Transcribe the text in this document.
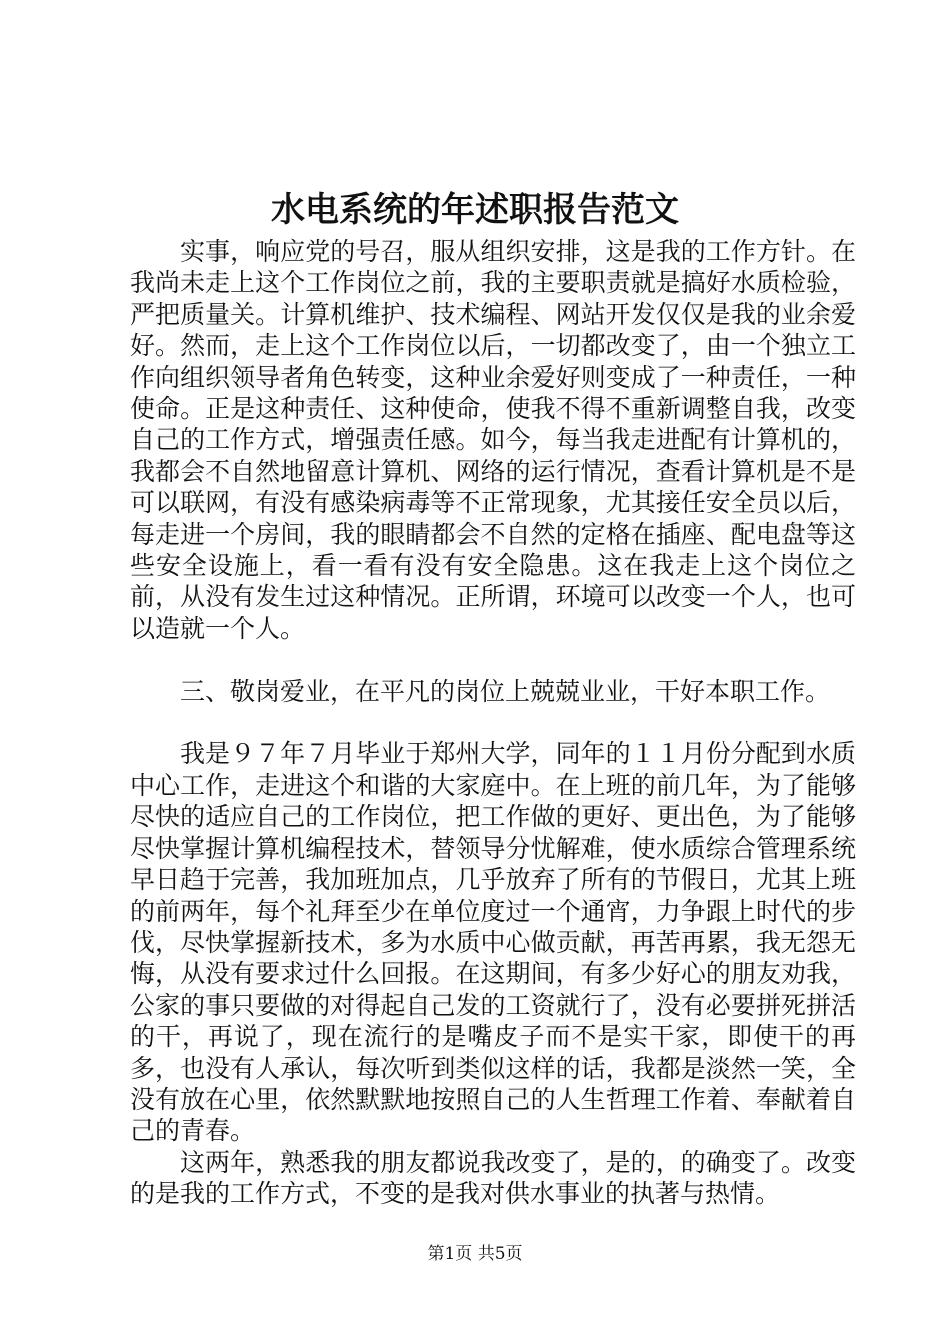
水电系统的年述职报告范文

实事，响应党的号召，服从组织安排，这是我的工作方针。在我尚未走上这个工作岗位之前，我的主要职责就是搞好水质检验，严把质量关。计算机维护、技术编程、网站开发仅仅是我的业余爱好。然而，走上这个工作岗位以后，一切都改变了，由一个独立工作向组织领导者角色转变，这种业余爱好则变成了一种责任，一种使命。正是这种责任、这种使命，使我不得不重新调整自我，改变自己的工作方式，增强责任感。如今，每当我走进配有计算机的，我都会不自然地留意计算机、网络的运行情况，查看计算机是不是可以联网，有没有感染病毒等不正常现象，尤其接任安全员以后，每走进一个房间，我的眼睛都会不自然的定格在插座、配电盘等这些安全设施上，看一看有没有安全隐患。这在我走上这个岗位之前，从没有发生过这种情况。正所谓，环境可以改变一个人，也可以造就一个人。

三、敬岗爱业，在平凡的岗位上兢兢业业，干好本职工作。

我是９７年７月毕业于郑州大学，同年的１１月份分配到水质中心工作，走进这个和谐的大家庭中。在上班的前几年，为了能够尽快的适应自己的工作岗位，把工作做的更好、更出色，为了能够尽快掌握计算机编程技术，替领导分忧解难，使水质综合管理系统早日趋于完善，我加班加点，几乎放弃了所有的节假日，尤其上班的前两年，每个礼拜至少在单位度过一个通宵，力争跟上时代的步伐，尽快掌握新技术，多为水质中心做贡献，再苦再累，我无怨无悔，从没有要求过什么回报。在这期间，有多少好心的朋友劝我，公家的事只要做的对得起自己发的工资就行了，没有必要拼死拼活的干，再说了，现在流行的是嘴皮子而不是实干家，即使干的再多，也没有人承认，每次听到类似这样的话，我都是淡然一笑，全没有放在心里，依然默默地按照自己的人生哲理工作着、奉献着自己的青春。

这两年，熟悉我的朋友都说我改变了，是的，的确变了。改变的是我的工作方式，不变的是我对供水事业的执著与热情。

第1页 共5页
